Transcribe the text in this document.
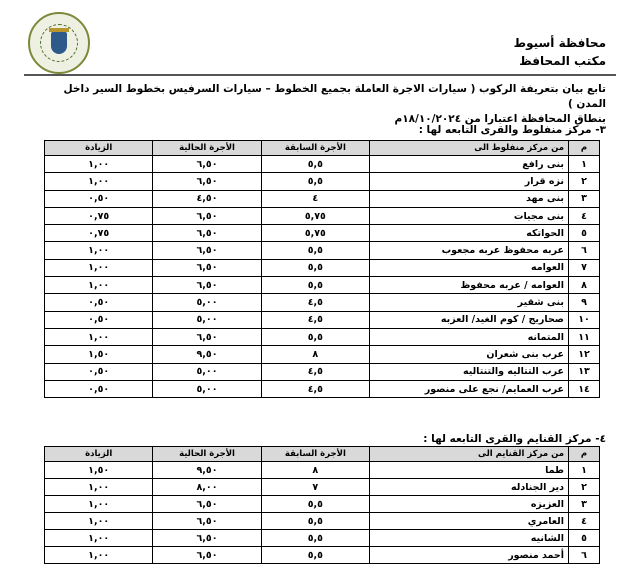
محافظة أسيوط
مكتب المحافظ
تابع بيان بتعريفة الركوب ( سيارات الاجرة العاملة بجميع الخطوط – سيارات السرفيس بخطوط السير داخل المدن )
بنطاق المحافظة اعتبارا من ١٨/١٠/٢٠٢٤م
٣- مركز منفلوط والقرى التابعه لها :
م	من مركز منفلوط الى	الأجرة السابقة	الأجرة الحالية	الزيادة
١	بنى رافع	٥,٥	٦,٥٠	١,٠٠
٢	نزه قرار	٥,٥	٦,٥٠	١,٠٠
٣	بنى مهد	٤	٤,٥٠	٠,٥٠
٤	بنى مجيات	٥,٧٥	٦,٥٠	٠,٧٥
٥	الحواتكه	٥,٧٥	٦,٥٠	٠,٧٥
٦	عربه محفوظ عربه مجعوب	٥,٥	٦,٥٠	١,٠٠
٧	العوامه	٥,٥	٦,٥٠	١,٠٠
٨	العوامه / عربه محفوظ	٥,٥	٦,٥٠	١,٠٠
٩	بنى شقير	٤,٥	٥,٠٠	٠,٥٠
١٠	صحاريج / كوم الغيد/ العزبه	٤,٥	٥,٠٠	٠,٥٠
١١	المتمانه	٥,٥	٦,٥٠	١,٠٠
١٢	عرب بنى شعران	٨	٩,٥٠	١,٥٠
١٣	عرب التتاليه والتنتاليه	٤,٥	٥,٠٠	٠,٥٠
١٤	عرب العمايم/ نجع على منصور	٤,٥	٥,٠٠	٠,٥٠
٤- مركز القنايم والقرى التابعه لها :
م	من مركز القنايم الى	الأجرة السابقة	الأجرة الحالية	الزيادة
١	طما	٨	٩,٥٠	١,٥٠
٢	دير الجنادله	٧	٨,٠٠	١,٠٠
٣	العزيزه	٥,٥	٦,٥٠	١,٠٠
٤	العامري	٥,٥	٦,٥٠	١,٠٠
٥	الشانيه	٥,٥	٦,٥٠	١,٠٠
٦	أحمد منصور	٥,٥	٦,٥٠	١,٠٠
